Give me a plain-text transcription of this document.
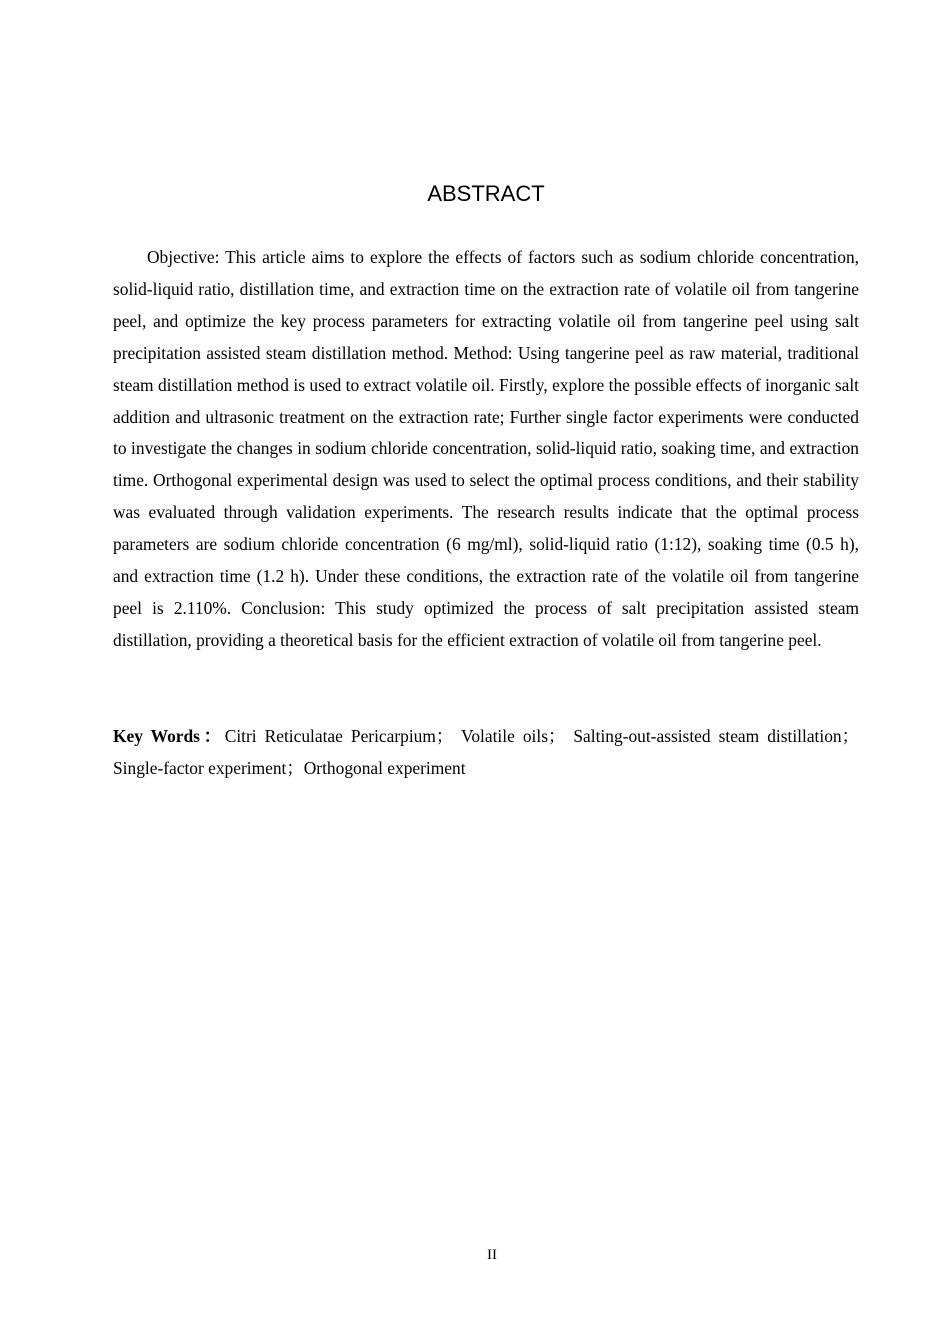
ABSTRACT

Objective: This article aims to explore the effects of factors such as sodium chloride concentration, solid-liquid ratio, distillation time, and extraction time on the extraction rate of volatile oil from tangerine peel, and optimize the key process parameters for extracting volatile oil from tangerine peel using salt precipitation assisted steam distillation method. Method: Using tangerine peel as raw material, traditional steam distillation method is used to extract volatile oil. Firstly, explore the possible effects of inorganic salt addition and ultrasonic treatment on the extraction rate; Further single factor experiments were conducted to investigate the changes in sodium chloride concentration, solid-liquid ratio, soaking time, and extraction time. Orthogonal experimental design was used to select the optimal process conditions, and their stability was evaluated through validation experiments. The research results indicate that the optimal process parameters are sodium chloride concentration (6 mg/ml), solid-liquid ratio (1:12), soaking time (0.5 h), and extraction time (1.2 h). Under these conditions, the extraction rate of the volatile oil from tangerine peel is 2.110%. Conclusion: This study optimized the process of salt precipitation assisted steam distillation, providing a theoretical basis for the efficient extraction of volatile oil from tangerine peel.

Key Words：Citri Reticulatae Pericarpium； Volatile oils； Salting-out-assisted steam distillation；Single-factor experiment；Orthogonal experiment

II
